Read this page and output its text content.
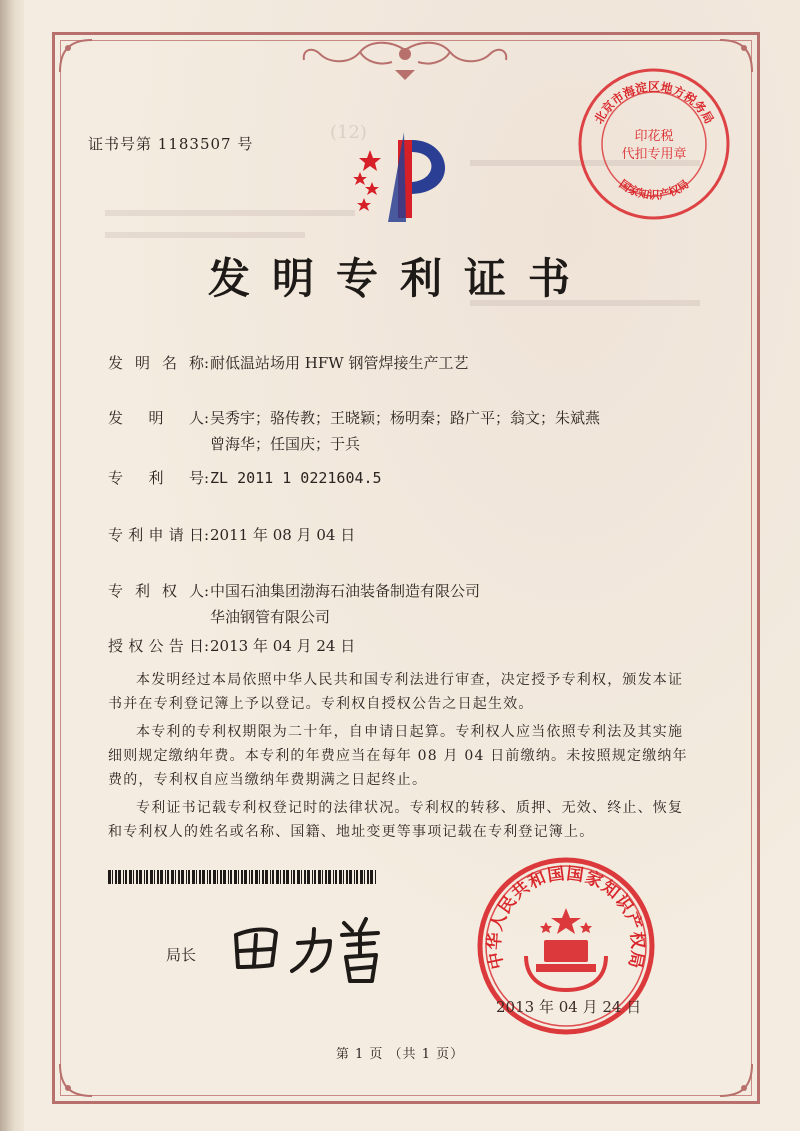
(12)
证书号第 1183507 号
发明专利证书
发明名称:耐低温站场用 HFW 钢管焊接生产工艺
发明人:吴秀宇；骆传教；王晓颖；杨明秦；路广平；翁文；朱斌燕
曾海华；任国庆；于兵
专利号:ZL 2011 1 0221604.5
专利申请日:2011 年 08 月 04 日
专利权人:中国石油集团渤海石油装备制造有限公司
华油钢管有限公司
授权公告日:2013 年 04 月 24 日

本发明经过本局依照中华人民共和国专利法进行审查，决定授予专利权，颁发本证书并在专利登记簿上予以登记。专利权自授权公告之日起生效。

本专利的专利权期限为二十年，自申请日起算。专利权人应当依照专利法及其实施细则规定缴纳年费。本专利的年费应当在每年 08 月 04 日前缴纳。未按照规定缴纳年费的，专利权自应当缴纳年费期满之日起终止。

专利证书记载专利权登记时的法律状况。专利权的转移、质押、无效、终止、恢复和专利权人的姓名或名称、国籍、地址变更等事项记载在专利登记簿上。

局长	中华人民共和国国家知识产权局
2013 年 04 月 24 日
北京市海淀区地方税务局
国家知识产权局
印花税
代扣专用章
第 1 页 （共 1 页）
